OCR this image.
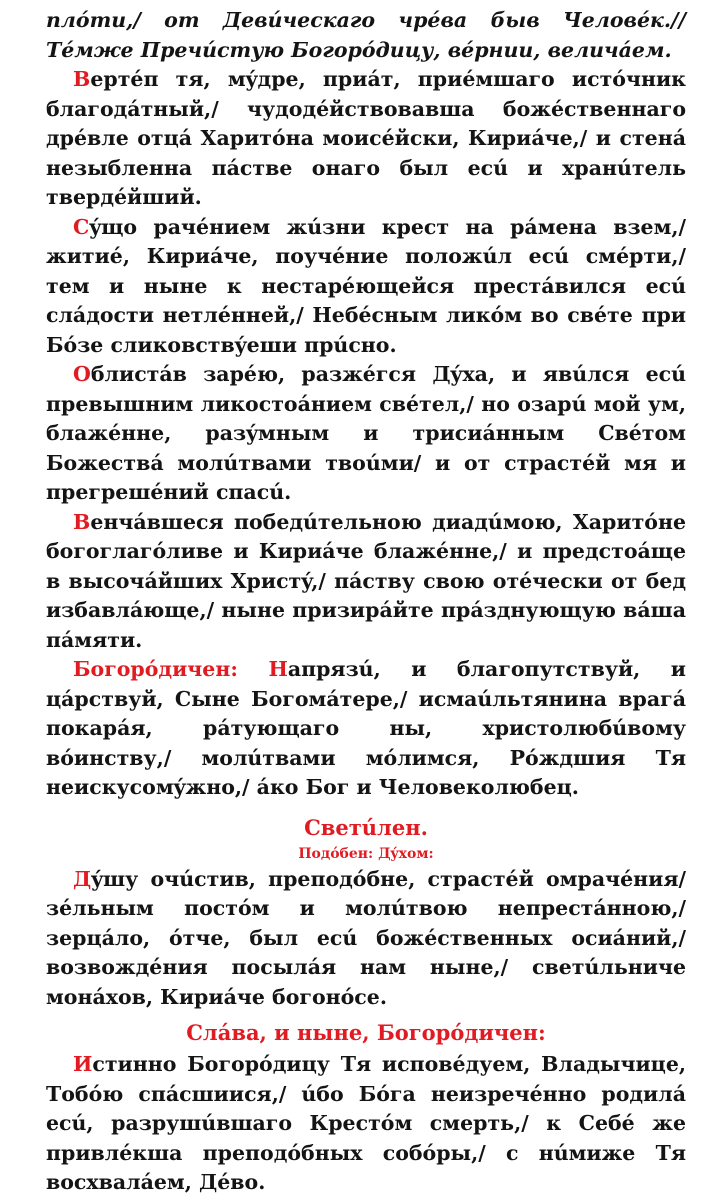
плóти,/ от Девúческаго чрéва быв Человéк.// Тéмже Пречúстую Богорóдицу, вéрнии, величáем.

Вертéп тя, мýдре, приáт, приéмшаго истóчник благодáтный,/ чудодéйствовавша божéственнаго дрéвле отцá Харитóна моисéйски, Кириáче,/ и стенá незыбленна пáстве онаго был есú и хранúтель твердéйший.

Сýщо рачéнием жúзни крест на рáмена взем,/ житиé, Кириáче, поучéние положúл есú смéрти,/ тем и нынe к нестарéющейся престáвился есú слáдости нетлéнней,/ Небéсным ликóм во свéте при Бóзе сликовствýеши прúсно.

Облистáв зарéю, разжéгся Дýха, и явúлся есú превышним ликостоáнием свéтел,/ но озарú мой ум, блажéнне, разýмным и трисиáнным Свéтом Божествá молúтвами твоúми/ и от страстéй мя и прегрешéний спасú.

Венчáвшеся победúтельною диадúмою, Харитóне богоглагóливе и Кириáче блажéнне,/ и предстоáще в высочáйших Христý,/ пáству свою отéчески от бед избавлáюще,/ нынe призирáйте прáзднующую вáша пáмяти.

Богорóдичен: Напрязú, и благопутствуй, и цáрствуй, Сынe Богомáтере,/ исмаúльтянина врагá покарáя, рáтующаго ны, христолюбúвому вóинству,/ молúтвами мóлимся, Рóждшия Тя неискусомýжно,/ áко Бог и Человеколюбец.

Светúлен.
Подóбен: Дýхом:

Дýшу очúстив, преподóбне, страстéй омрачéния/ зéльным постóм и молúтвою непрестáнною,/ зерцáло, óтче, был есú божéственных осиáний,/ возвождéния посылáя нам нынe,/ светúльниче монáхов, Кириáче богонóсе.

Слáва, и нынe, Богорóдичен:

Истинно Богорóдицу Тя исповéдуем, Владычице, Тобóю спáсшиися,/ úбо Бóга неизречéнно родилá есú, разрушúвшаго Крестóм смерть,/ к Себé же привлéкша преподóбных собóры,/ с нúмиже Тя восхвалáем, Дéво.
